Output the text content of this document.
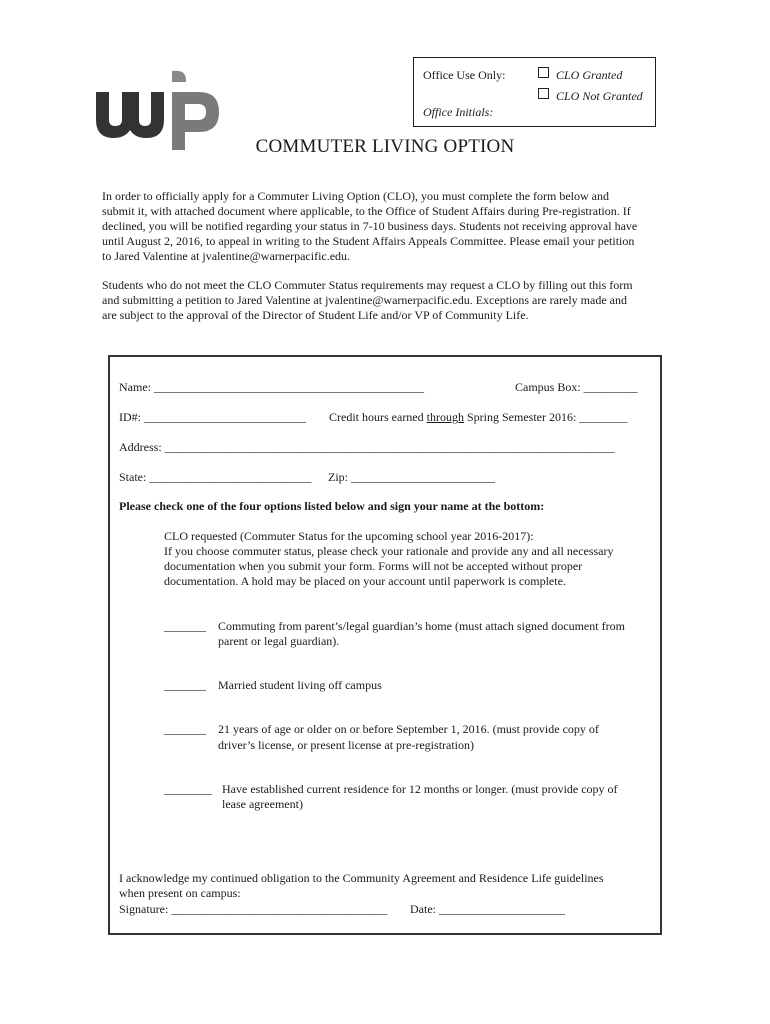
Office Use Only:	CLO Granted
CLO Not Granted
Office Initials:
COMMUTER LIVING OPTION

In order to officially apply for a Commuter Living Option (CLO), you must complete the form below and

submit it, with attached document where applicable, to the Office of Student Affairs during Pre-registration. If

declined, you will be notified regarding your status in 7-10 business days. Students not receiving approval have

until August 2, 2016, to appeal in writing to the Student Affairs Appeals Committee. Please email your petition

to Jared Valentine at jvalentine@warnerpacific.edu.

Students who do not meet the CLO Commuter Status requirements may request a CLO by filling out this form

and submitting a petition to Jared Valentine at jvalentine@warnerpacific.edu. Exceptions are rarely made and

are subject to the approval of the Director of Student Life and/or VP of Community Life.

Name: _____________________________________________	Campus Box: _________
ID#: ___________________________ Credit hours earned through Spring Semester 2016: ________
Address: ___________________________________________________________________________
State: ___________________________ Zip: ________________________
Please check one of the four options listed below and sign your name at the bottom:
CLO requested (Commuter Status for the upcoming school year 2016-2017):
If you choose commuter status, please check your rationale and provide any and all necessary
documentation when you submit your form. Forms will not be accepted without proper
documentation. A hold may be placed on your account until paperwork is complete.
_______ Commuting from parent’s/legal guardian’s home (must attach signed document from
parent or legal guardian).
_______ Married student living off campus
_______ 21 years of age or older on or before September 1, 2016. (must provide copy of
driver’s license, or present license at pre-registration)
________ Have established current residence for 12 months or longer. (must provide copy of
lease agreement)
I acknowledge my continued obligation to the Community Agreement and Residence Life guidelines
when present on campus:
Signature: ____________________________________ Date: _____________________
